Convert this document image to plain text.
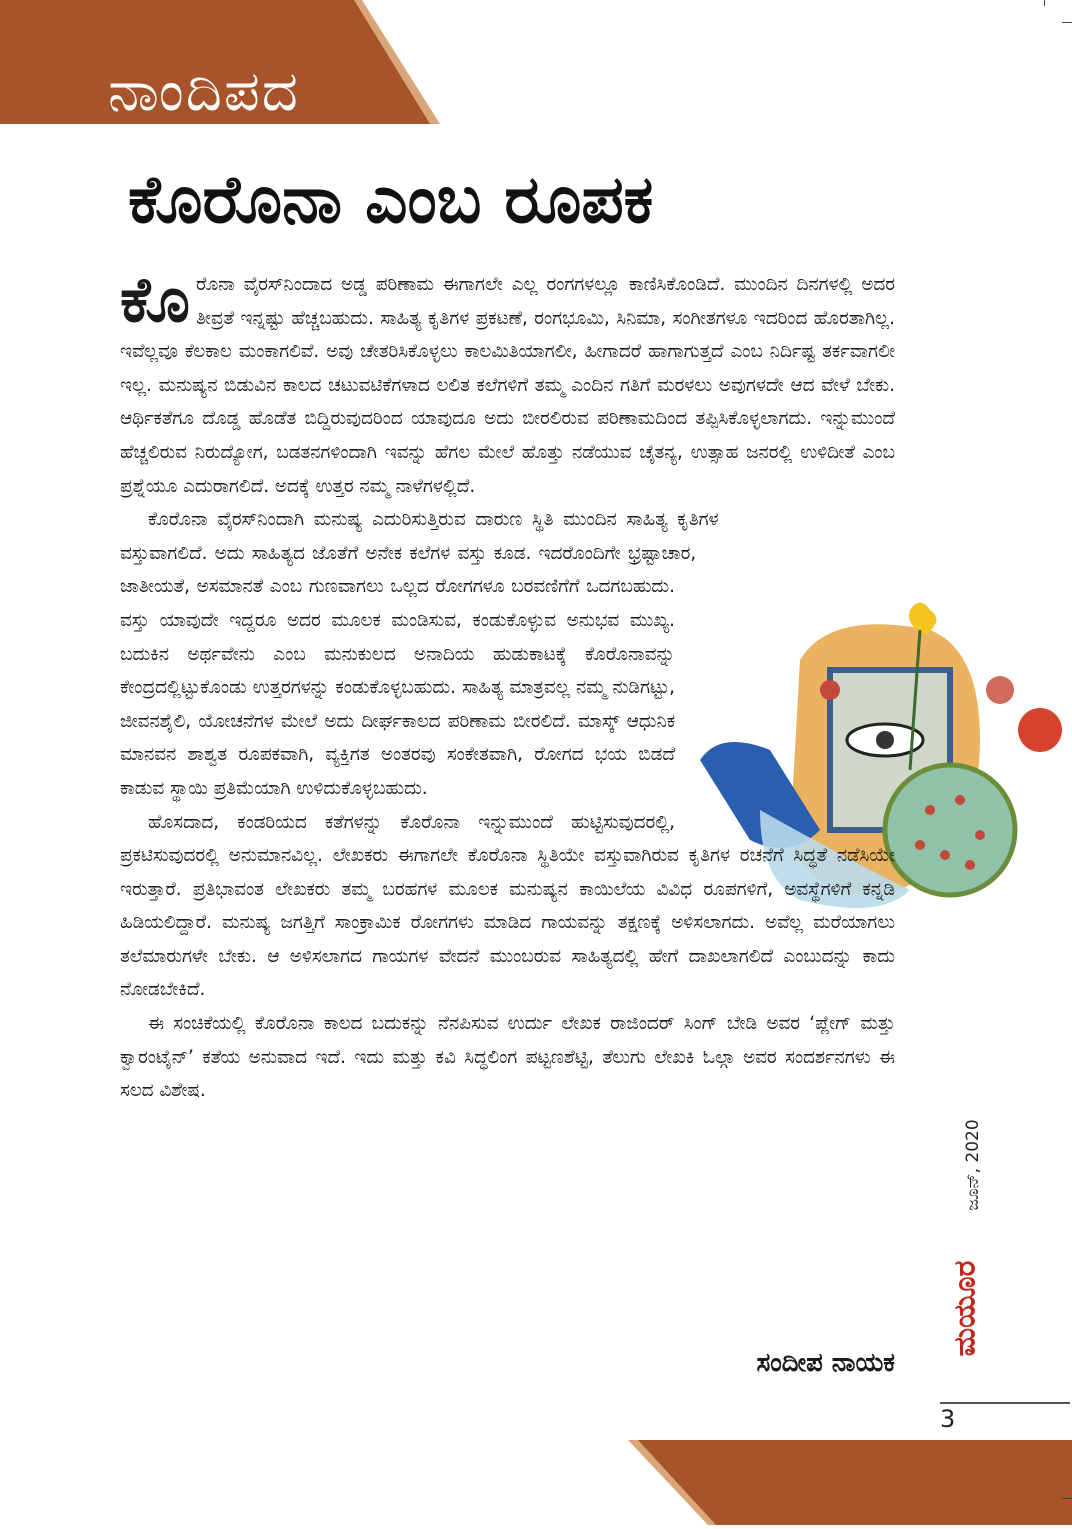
ನಾಂದಿಪದ
ಕೊರೊನಾ ಎಂಬ ರೂಪಕ

ಕೊರೊನಾ ವೈರಸ್‌ನಿಂದಾದ ಅಡ್ಡ ಪರಿಣಾಮ ಈಗಾಗಲೇ ಎಲ್ಲ ರಂಗಗಳಲ್ಲೂ ಕಾಣಿಸಿಕೊಂಡಿದೆ. ಮುಂದಿನ ದಿನಗಳಲ್ಲಿ ಅದರ ತೀವ್ರತೆ ಇನ್ನಷ್ಟು ಹೆಚ್ಚಬಹುದು. ಸಾಹಿತ್ಯ ಕೃತಿಗಳ ಪ್ರಕಟಣೆ, ರಂಗಭೂಮಿ, ಸಿನಿಮಾ, ಸಂಗೀತಗಳೂ ಇದರಿಂದ ಹೊರತಾಗಿಲ್ಲ. ಇವೆಲ್ಲವೂ ಕೆಲಕಾಲ ಮಂಕಾಗಲಿವೆ. ಅವು ಚೇತರಿಸಿಕೊಳ್ಳಲು ಕಾಲಮಿತಿಯಾಗಲೀ, ಹೀಗಾದರೆ ಹಾಗಾಗುತ್ತದೆ ಎಂಬ ನಿರ್ದಿಷ್ಟ ತರ್ಕವಾಗಲೀ ಇಲ್ಲ. ಮನುಷ್ಯನ ಬಿಡುವಿನ ಕಾಲದ ಚಟುವಟಿಕೆಗಳಾದ ಲಲಿತ ಕಲೆಗಳಿಗೆ ತಮ್ಮ ಎಂದಿನ ಗತಿಗೆ ಮರಳಲು ಅವುಗಳದೇ ಆದ ವೇಳೆ ಬೇಕು. ಆರ್ಥಿಕತೆಗೂ ದೊಡ್ಡ ಹೊಡೆತ ಬಿದ್ದಿರುವುದರಿಂದ ಯಾವುದೂ ಅದು ಬೀರಲಿರುವ ಪರಿಣಾಮದಿಂದ ತಪ್ಪಿಸಿಕೊಳ್ಳಲಾಗದು. ಇನ್ನುಮುಂದೆ ಹೆಚ್ಚಲಿರುವ ನಿರುದ್ಯೋಗ, ಬಡತನಗಳಿಂದಾಗಿ ಇವನ್ನು ಹೆಗಲ ಮೇಲೆ ಹೊತ್ತು ನಡೆಯುವ ಚೈತನ್ಯ, ಉತ್ಸಾಹ ಜನರಲ್ಲಿ ಉಳಿದೀತೆ ಎಂಬ ಪ್ರಶ್ನೆಯೂ ಎದುರಾಗಲಿದೆ. ಅದಕ್ಕೆ ಉತ್ತರ ನಮ್ಮ ನಾಳೆಗಳಲ್ಲಿದೆ.

ಕೊರೊನಾ ವೈರಸ್‌ನಿಂದಾಗಿ ಮನುಷ್ಯ ಎದುರಿಸುತ್ತಿರುವ ದಾರುಣ ಸ್ಥಿತಿ ಮುಂದಿನ ಸಾಹಿತ್ಯ ಕೃತಿಗಳ ವಸ್ತುವಾಗಲಿದೆ. ಅದು ಸಾಹಿತ್ಯದ ಜೊತೆಗೆ ಅನೇಕ ಕಲೆಗಳ ವಸ್ತು ಕೂಡ. ಇದರೊಂದಿಗೇ ಭ್ರಷ್ಟಾಚಾರ, ಜಾತೀಯತೆ, ಅಸಮಾನತೆ ಎಂಬ ಗುಣವಾಗಲು ಒಲ್ಲದ ರೋಗಗಳೂ ಬರವಣಿಗೆಗೆ ಒದಗಬಹುದು. ವಸ್ತು ಯಾವುದೇ ಇದ್ದರೂ ಅದರ ಮೂಲಕ ಮಂಡಿಸುವ, ಕಂಡುಕೊಳ್ಳುವ ಅನುಭವ ಮುಖ್ಯ. ಬದುಕಿನ ಅರ್ಥವೇನು ಎಂಬ ಮನುಕುಲದ ಅನಾದಿಯ ಹುಡುಕಾಟಕ್ಕೆ ಕೊರೊನಾವನ್ನು ಕೇಂದ್ರದಲ್ಲಿಟ್ಟುಕೊಂಡು ಉತ್ತರಗಳನ್ನು ಕಂಡುಕೊಳ್ಳಬಹುದು. ಸಾಹಿತ್ಯ ಮಾತ್ರವಲ್ಲ ನಮ್ಮ ನುಡಿಗಟ್ಟು, ಜೀವನಶೈಲಿ, ಯೋಚನೆಗಳ ಮೇಲೆ ಅದು ದೀರ್ಘಕಾಲದ ಪರಿಣಾಮ ಬೀರಲಿದೆ. ಮಾಸ್ಕ್ ಆಧುನಿಕ ಮಾನವನ ಶಾಶ್ವತ ರೂಪಕವಾಗಿ, ವ್ಯಕ್ತಿಗತ ಅಂತರವು ಸಂಕೇತವಾಗಿ, ರೋಗದ ಭಯ ಬಿಡದೆ ಕಾಡುವ ಸ್ಥಾಯಿ ಪ್ರತಿಮೆಯಾಗಿ ಉಳಿದುಕೊಳ್ಳಬಹುದು.

ಹೊಸದಾದ, ಕಂಡರಿಯದ ಕತೆಗಳನ್ನು ಕೊರೊನಾ ಇನ್ನುಮುಂದೆ ಹುಟ್ಟಿಸುವುದರಲ್ಲಿ, ಪ್ರಕಟಿಸುವುದರಲ್ಲಿ ಅನುಮಾನವಿಲ್ಲ. ಲೇಖಕರು ಈಗಾಗಲೇ ಕೊರೊನಾ ಸ್ಥಿತಿಯೇ ವಸ್ತುವಾಗಿರುವ ಕೃತಿಗಳ ರಚನೆಗೆ ಸಿದ್ಧತೆ ನಡೆಸಿಯೇ ಇರುತ್ತಾರೆ. ಪ್ರತಿಭಾವಂತ ಲೇಖಕರು ತಮ್ಮ ಬರಹಗಳ ಮೂಲಕ ಮನುಷ್ಯನ ಕಾಯಿಲೆಯ ವಿವಿಧ ರೂಪಗಳಿಗೆ, ಅವಸ್ಥೆಗಳಿಗೆ ಕನ್ನಡಿ ಹಿಡಿಯಲಿದ್ದಾರೆ. ಮನುಷ್ಯ ಜಗತ್ತಿಗೆ ಸಾಂಕ್ರಾಮಿಕ ರೋಗಗಳು ಮಾಡಿದ ಗಾಯವನ್ನು ತಕ್ಷಣಕ್ಕೆ ಅಳಿಸಲಾಗದು. ಅವೆಲ್ಲ ಮರೆಯಾಗಲು ತಲೆಮಾರುಗಳೇ ಬೇಕು. ಆ ಅಳಿಸಲಾಗದ ಗಾಯಗಳ ವೇದನೆ ಮುಂಬರುವ ಸಾಹಿತ್ಯದಲ್ಲಿ ಹೇಗೆ ದಾಖಲಾಗಲಿದೆ ಎಂಬುದನ್ನು ಕಾದು ನೋಡಬೇಕಿದೆ.

ಈ ಸಂಚಿಕೆಯಲ್ಲಿ ಕೊರೊನಾ ಕಾಲದ ಬದುಕನ್ನು ನೆನಪಿಸುವ ಉರ್ದು ಲೇಖಕ ರಾಜಿಂದರ್ ಸಿಂಗ್ ಬೇಡಿ ಅವರ ‘ಪ್ಲೇಗ್ ಮತ್ತು ಕ್ವಾರಂಟೈನ್’ ಕತೆಯ ಅನುವಾದ ಇದೆ. ಇದು ಮತ್ತು ಕವಿ ಸಿದ್ಧಲಿಂಗ ಪಟ್ಟಣಶೆಟ್ಟಿ, ತೆಲುಗು ಲೇಖಕಿ ಓಲ್ಗಾ ಅವರ ಸಂದರ್ಶನಗಳು ಈ ಸಲದ ವಿಶೇಷ.

ಸಂದೀಪ ನಾಯಕ
ಜೂನ್, 2020
ಮಯೂರ
3
